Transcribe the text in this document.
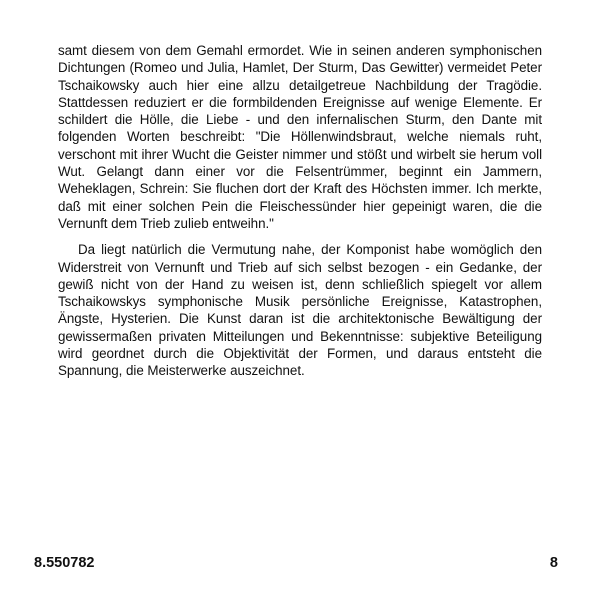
samt diesem von dem Gemahl ermordet. Wie in seinen anderen symphonischen Dichtungen (Romeo und Julia, Hamlet, Der Sturm, Das Gewitter) vermeidet Peter Tschaikowsky auch hier eine allzu detailgetreue Nachbildung der Tragödie. Stattdessen reduziert er die formbildenden Ereignisse auf wenige Elemente. Er schildert die Hölle, die Liebe - und den infernalischen Sturm, den Dante mit folgenden Worten beschreibt: "Die Höllenwindsbraut, welche niemals ruht, verschont mit ihrer Wucht die Geister nimmer und stößt und wirbelt sie herum voll Wut. Gelangt dann einer vor die Felsentrümmer, beginnt ein Jammern, Weheklagen, Schrein: Sie fluchen dort der Kraft des Höchsten immer. Ich merkte, daß mit einer solchen Pein die Fleischessünder hier gepeinigt waren, die die Vernunft dem Trieb zulieb entweihn."

Da liegt natürlich die Vermutung nahe, der Komponist habe womöglich den Widerstreit von Vernunft und Trieb auf sich selbst bezogen - ein Gedanke, der gewiß nicht von der Hand zu weisen ist, denn schließlich spiegelt vor allem Tschaikowskys symphonische Musik persönliche Ereignisse, Katastrophen, Ängste, Hysterien. Die Kunst daran ist die architektonische Bewältigung der gewissermaßen privaten Mitteilungen und Bekenntnisse: subjektive Beteiligung wird geordnet durch die Objektivität der Formen, und daraus entsteht die Spannung, die Meisterwerke auszeichnet.

8.550782	8
